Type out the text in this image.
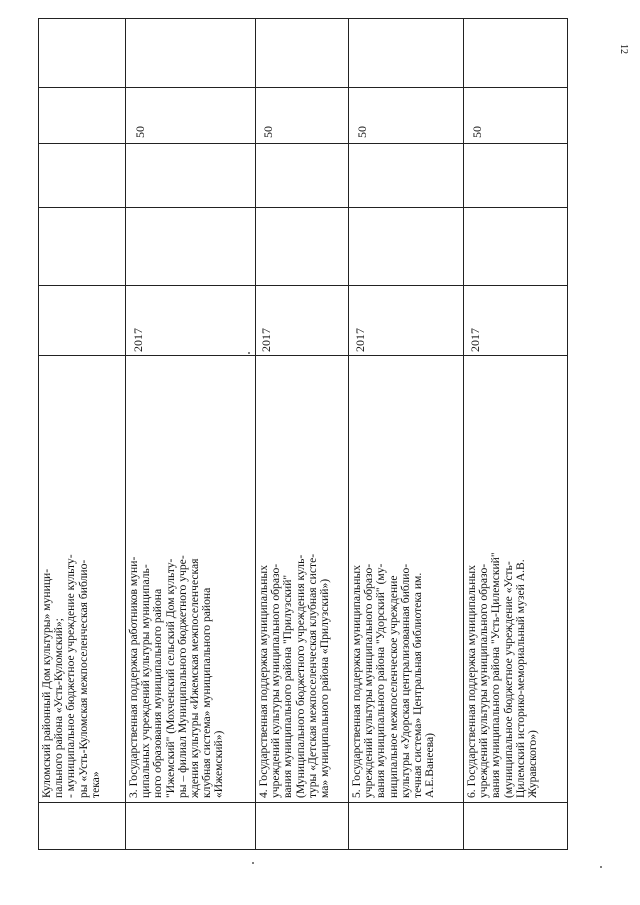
12
Куломский районный Дом культуры» муници- пального района «Усть-Куломский»; - муниципальное бюджетное учреждение культу- ры «Усть-Куломская межпоселенческая библио- тека» 3. Государственная поддержка работников муни- ципальных учреждений культуры муниципаль- ного образования муниципального района "Ижемский" (Мохченский сельский Дом культу- ры – филиал Муниципального бюджетного учре- ждения культуры «Ижемская межпоселенческая клубная система» муниципального района «Ижемский»)
2017
50
4. Государственная поддержка муниципальных учреждений культуры муниципального образо- вания муниципального района "Прилузский" (Муниципального бюджетного учреждения куль- туры «Детская межпоселенческая клубная систе- ма» муниципального района «Прилузский»)
2017
50
5. Государственная поддержка муниципальных учреждений культуры муниципального образо- вания муниципального района "Удорский" (му- ниципальное межпоселенческое учреждение культуры «Удорская централизованная библио- течная система» Центральная библиотека им. А.Е.Ванеева)
2017
50
6. Государственная поддержка муниципальных учреждений культуры муниципального образо- вания муниципального района "Усть-Цилемский" (муниципальное бюджетное учреждение «Усть- Цилемский историко-мемориальный музей А.В. Журавского»)
2017
50
